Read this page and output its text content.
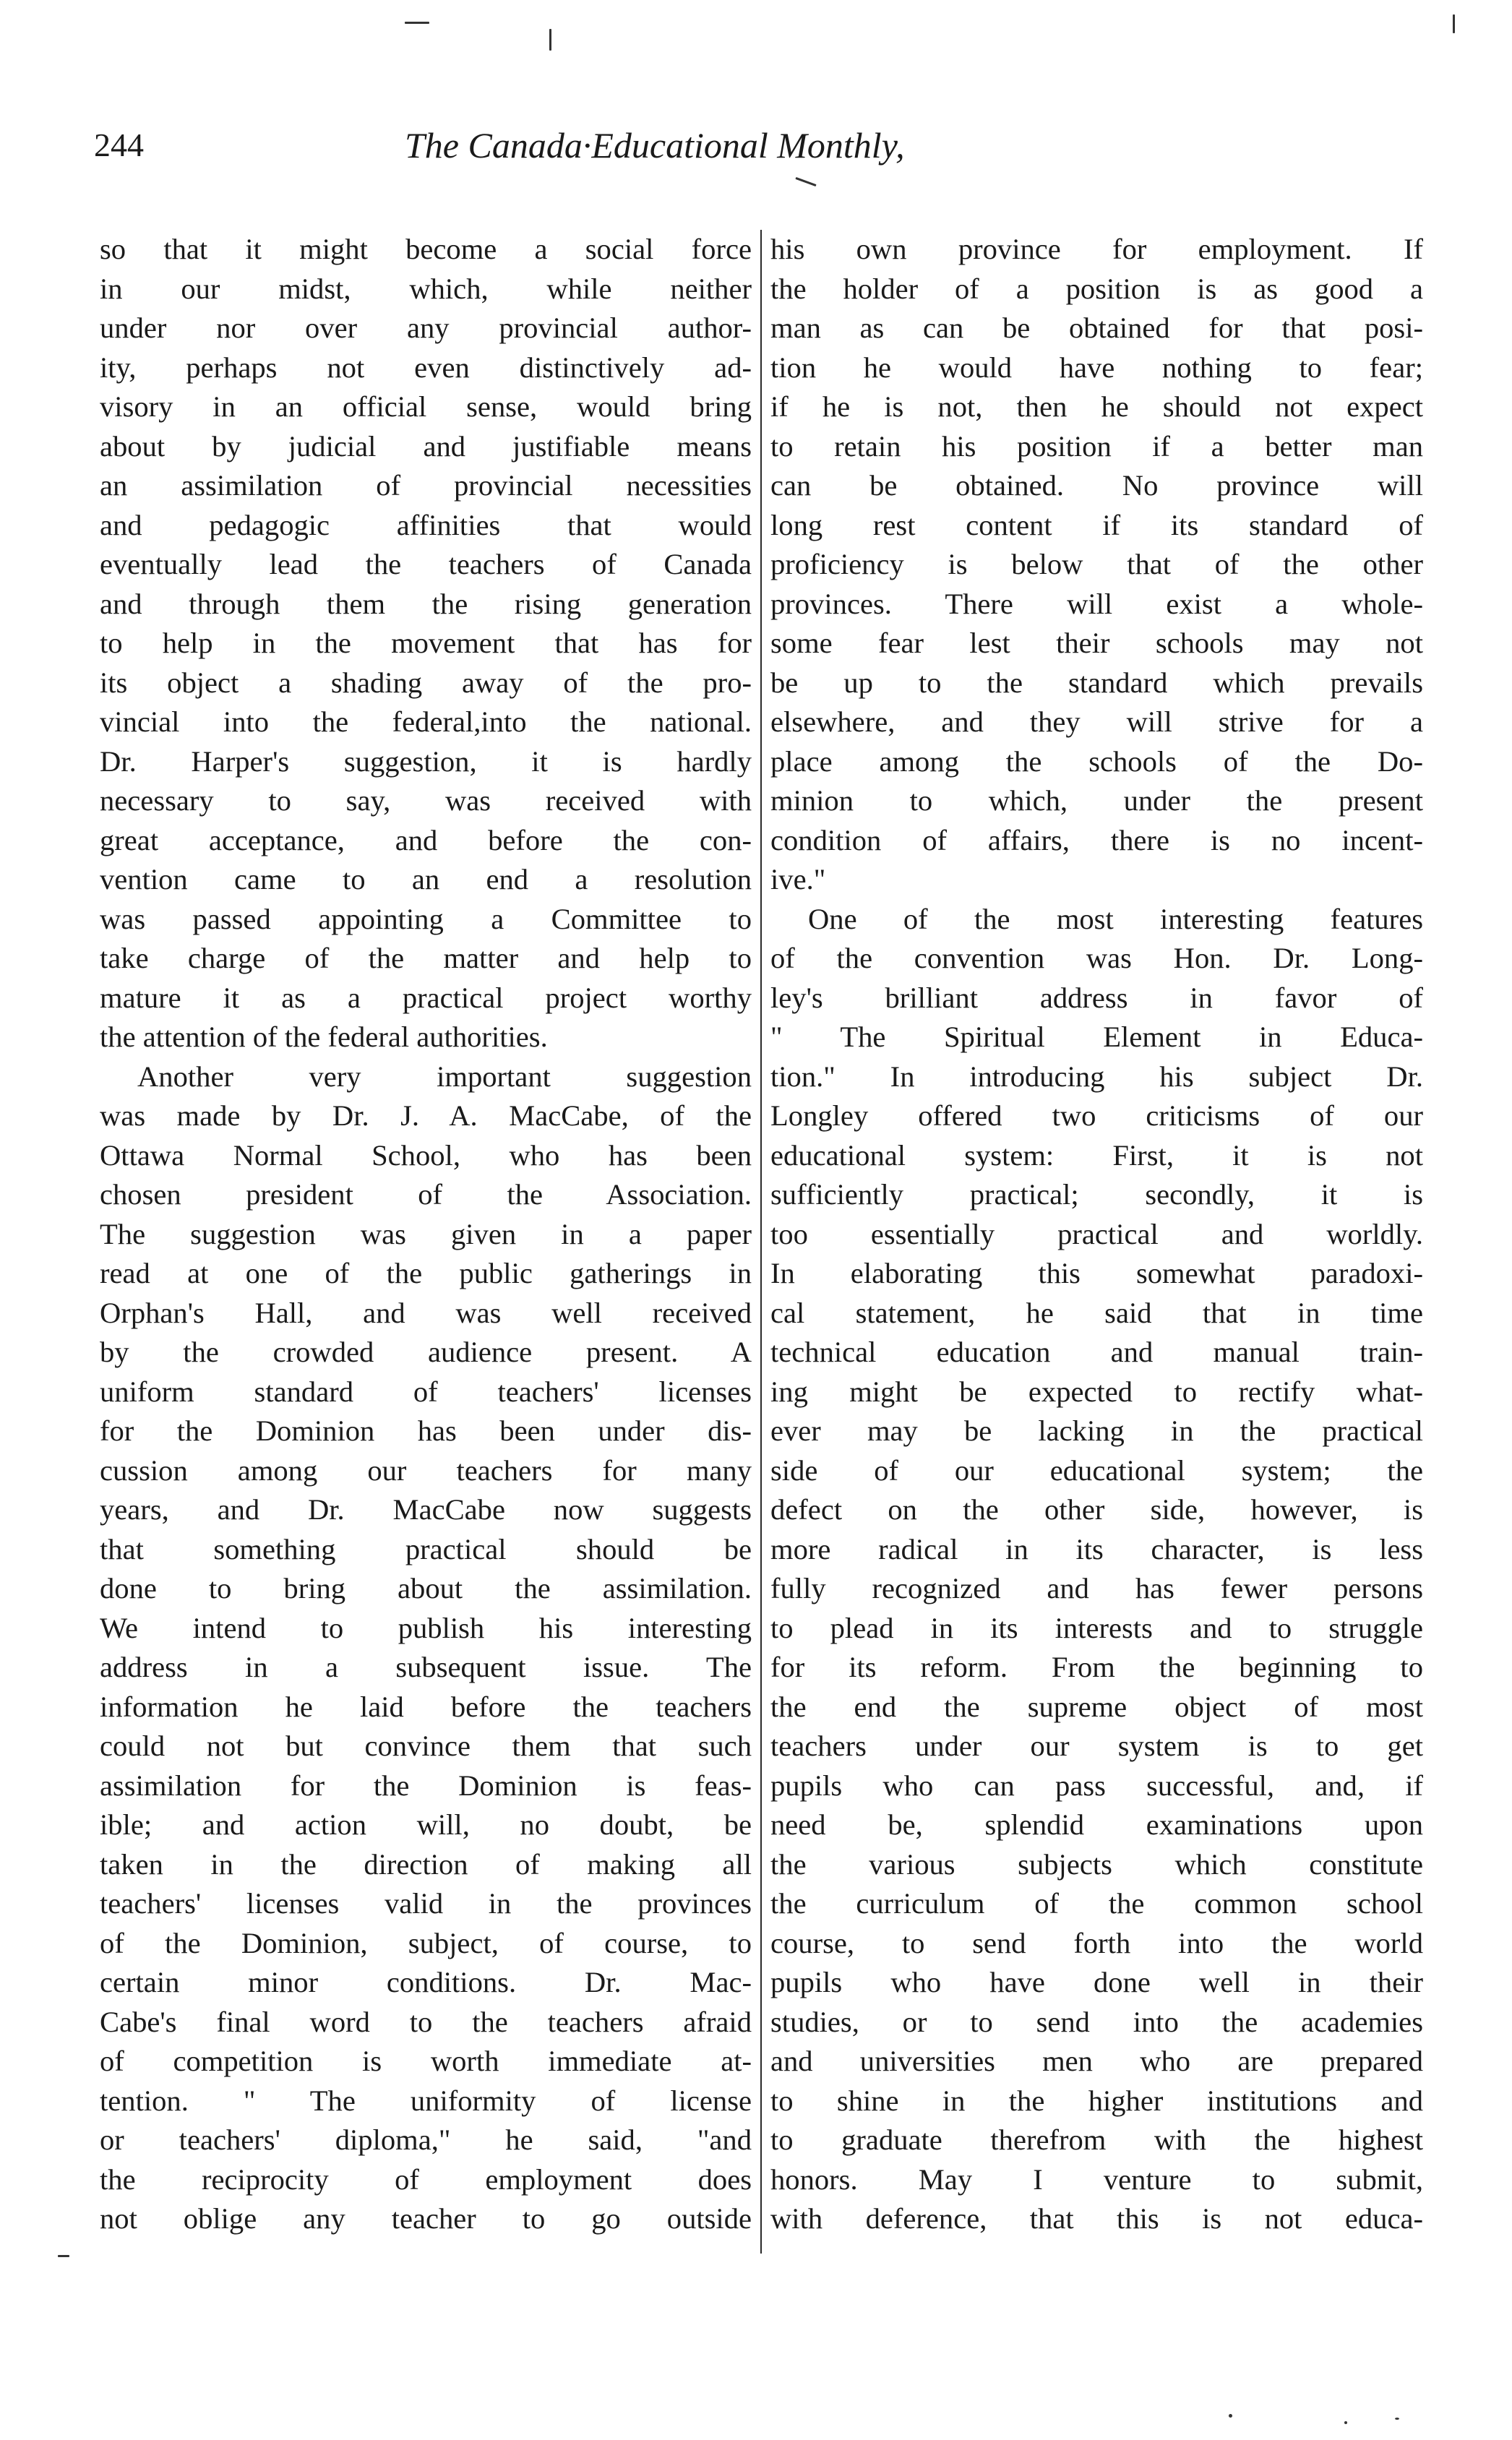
244	The Canada·Educational Monthly,
so that it might become a social force
in our midst, which, while neither
under nor over any provincial author-
ity, perhaps not even distinctively ad-
visory in an official sense, would bring
about by judicial and justifiable means
an assimilation of provincial necessities
and pedagogic affinities that would
eventually lead the teachers of Canada
and through them the rising generation
to help in the movement that has for
its object a shading away of the pro-
vincial into the federal,into the national.
Dr. Harper's suggestion, it is hardly
necessary to say, was received with
great acceptance, and before the con-
vention came to an end a resolution
was passed appointing a Committee to
take charge of the matter and help to
mature it as a practical project worthy
the attention of the federal authorities.
Another very important suggestion
was made by Dr. J. A. MacCabe, of the
Ottawa Normal School, who has been
chosen president of the Association.
The suggestion was given in a paper
read at one of the public gatherings in
Orphan's Hall, and was well received
by the crowded audience present. A
uniform standard of teachers' licenses
for the Dominion has been under dis-
cussion among our teachers for many
years, and Dr. MacCabe now suggests
that something practical should be
done to bring about the assimilation.
We intend to publish his interesting
address in a subsequent issue. The
information he laid before the teachers
could not but convince them that such
assimilation for the Dominion is feas-
ible; and action will, no doubt, be
taken in the direction of making all
teachers' licenses valid in the provinces
of the Dominion, subject, of course, to
certain minor conditions. Dr. Mac-
Cabe's final word to the teachers afraid
of competition is worth immediate at-
tention. " The uniformity of license
or teachers' diploma," he said, "and
the reciprocity of employment does
not oblige any teacher to go outside
his own province for employment. If
the holder of a position is as good a
man as can be obtained for that posi-
tion he would have nothing to fear;
if he is not, then he should not expect
to retain his position if a better man
can be obtained. No province will
long rest content if its standard of
proficiency is below that of the other
provinces. There will exist a whole-
some fear lest their schools may not
be up to the standard which prevails
elsewhere, and they will strive for a
place among the schools of the Do-
minion to which, under the present
condition of affairs, there is no incent-
ive."
One of the most interesting features
of the convention was Hon. Dr. Long-
ley's brilliant address in favor of
" The Spiritual Element in Educa-
tion." In introducing his subject Dr.
Longley offered two criticisms of our
educational system: First, it is not
sufficiently practical; secondly, it is
too essentially practical and worldly.
In elaborating this somewhat paradoxi-
cal statement, he said that in time
technical education and manual train-
ing might be expected to rectify what-
ever may be lacking in the practical
side of our educational system; the
defect on the other side, however, is
more radical in its character, is less
fully recognized and has fewer persons
to plead in its interests and to struggle
for its reform. From the beginning to
the end the supreme object of most
teachers under our system is to get
pupils who can pass successful, and, if
need be, splendid examinations upon
the various subjects which constitute
the curriculum of the common school
course, to send forth into the world
pupils who have done well in their
studies, or to send into the academies
and universities men who are prepared
to shine in the higher institutions and
to graduate therefrom with the highest
honors. May I venture to submit,
with deference, that this is not educa-
